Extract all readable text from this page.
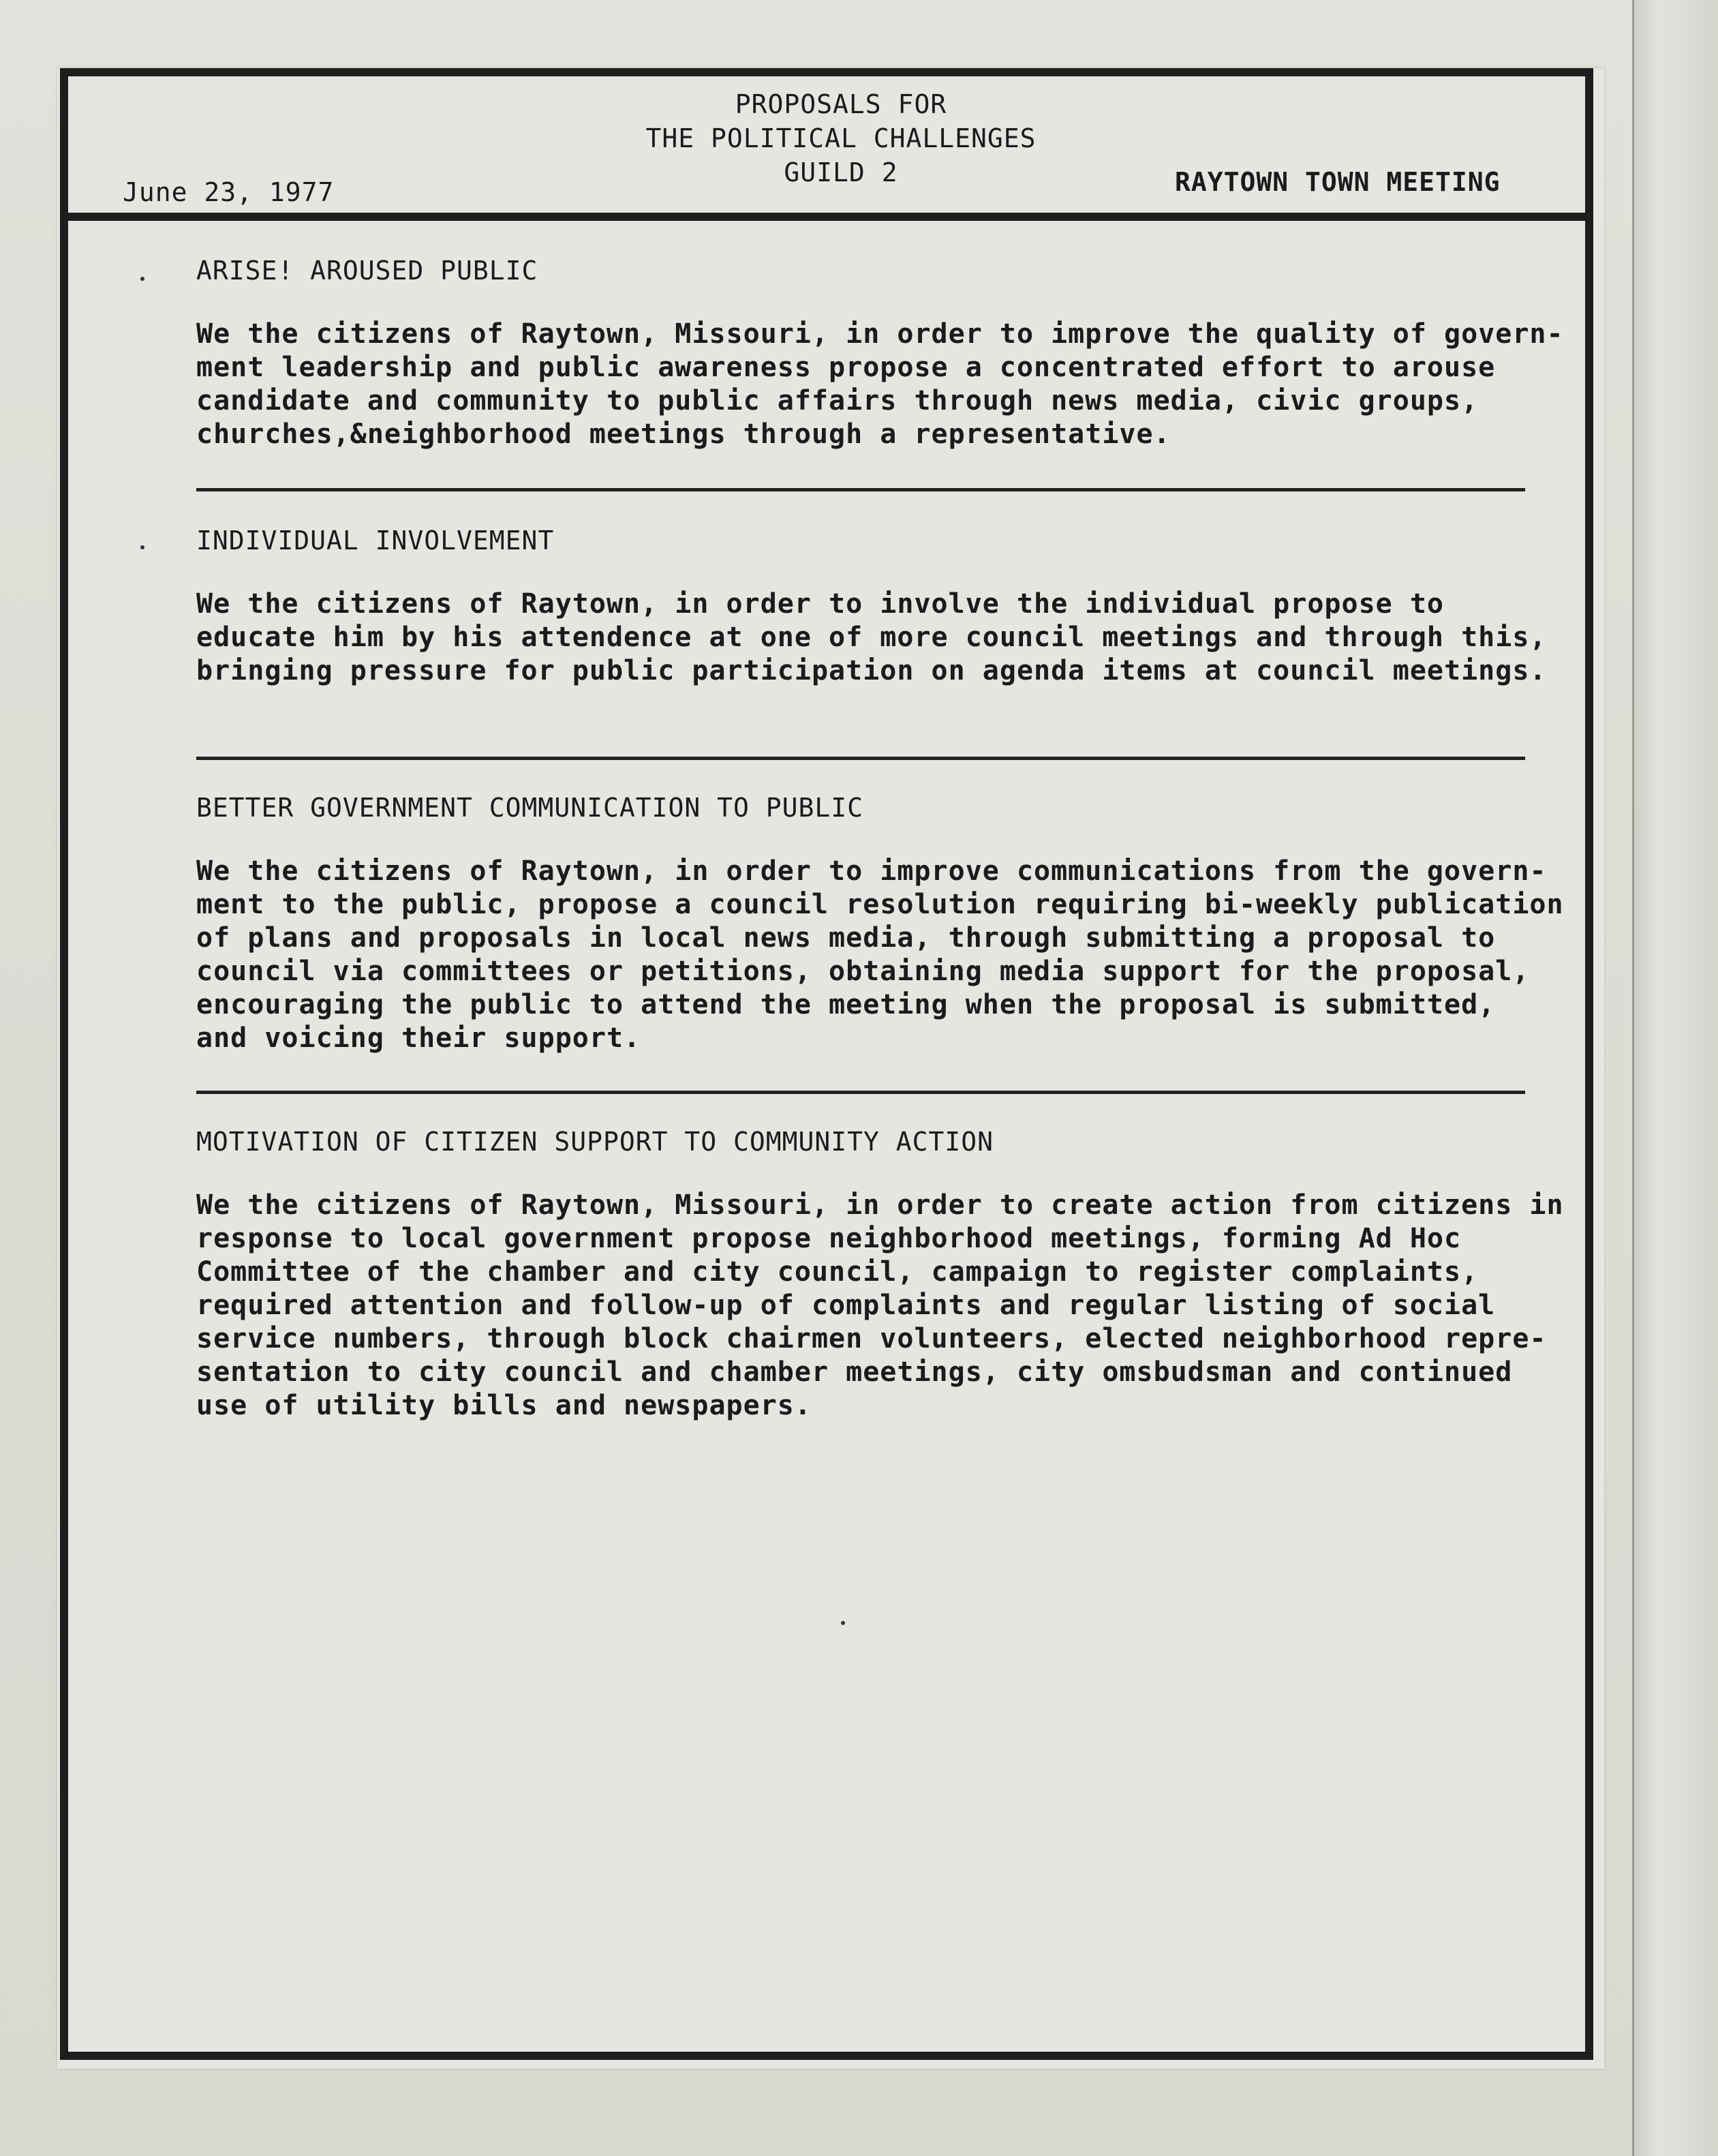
PROPOSALS FOR
THE POLITICAL CHALLENGES
GUILD 2
June 23, 1977	RAYTOWN TOWN MEETING
ARISE! AROUSED PUBLIC
We the citizens of Raytown, Missouri, in order to improve the quality of govern-
ment leadership and public awareness propose a concentrated effort to arouse
candidate and community to public affairs through news media, civic groups,
churches,&neighborhood meetings through a representative.
INDIVIDUAL INVOLVEMENT
We the citizens of Raytown, in order to involve the individual propose to
educate him by his attendence at one of more council meetings and through this,
bringing pressure for public participation on agenda items at council meetings.
BETTER GOVERNMENT COMMUNICATION TO PUBLIC
We the citizens of Raytown, in order to improve communications from the govern-
ment to the public, propose a council resolution requiring bi-weekly publication
of plans and proposals in local news media, through submitting a proposal to
council via committees or petitions, obtaining media support for the proposal,
encouraging the public to attend the meeting when the proposal is submitted,
and voicing their support.
MOTIVATION OF CITIZEN SUPPORT TO COMMUNITY ACTION
We the citizens of Raytown, Missouri, in order to create action from citizens in
response to local government propose neighborhood meetings, forming Ad Hoc
Committee of the chamber and city council, campaign to register complaints,
required attention and follow-up of complaints and regular listing of social
service numbers, through block chairmen volunteers, elected neighborhood repre-
sentation to city council and chamber meetings, city omsbudsman and continued
use of utility bills and newspapers.
